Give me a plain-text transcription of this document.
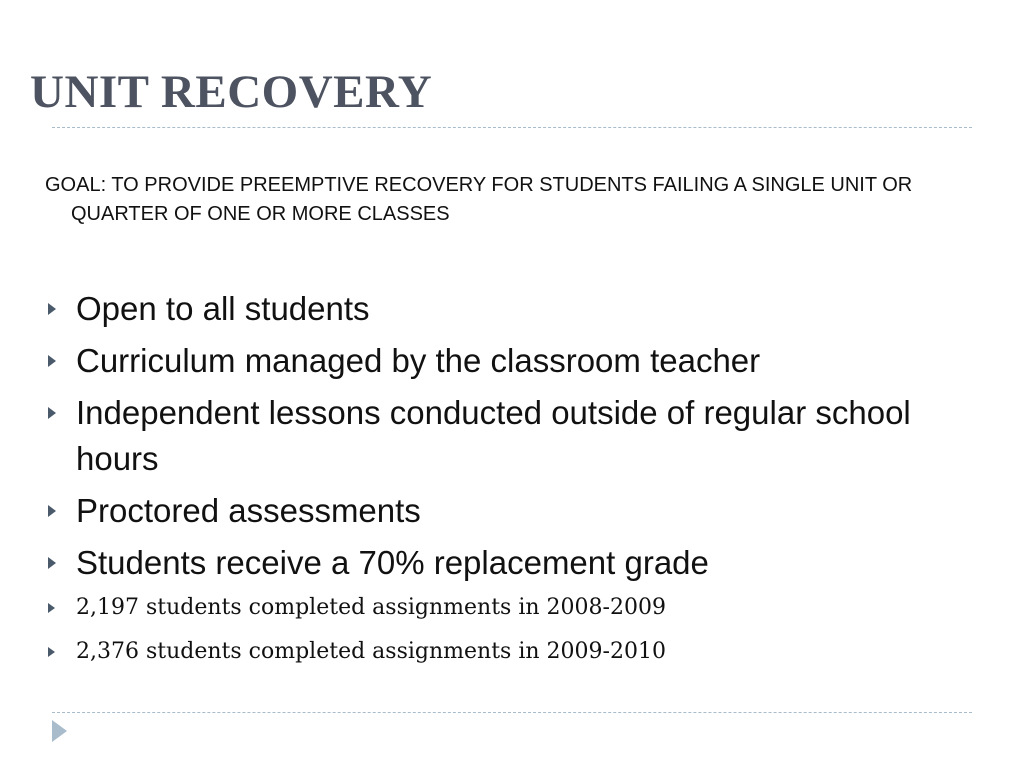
UNIT RECOVERY

GOAL: TO PROVIDE PREEMPTIVE RECOVERY FOR STUDENTS FAILING A SINGLE UNIT OR QUARTER OF ONE OR MORE CLASSES

Open to all students
Curriculum managed by the classroom teacher
Independent lessons conducted outside of regular school hours
Proctored assessments
Students receive a 70% replacement grade
2,197 students completed assignments in 2008-2009
2,376 students completed assignments in 2009-2010
